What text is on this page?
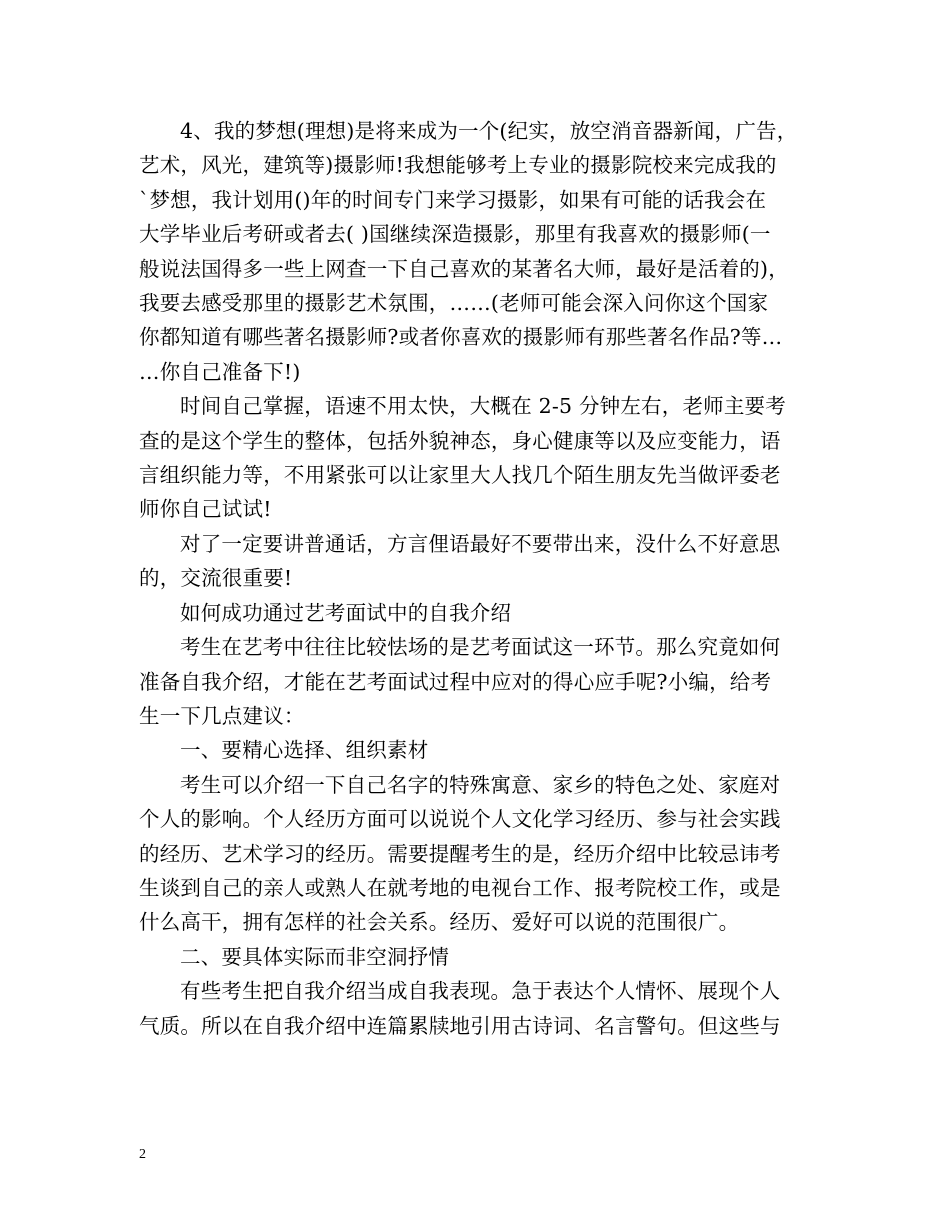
4、我的梦想(理想)是将来成为一个(纪实，放空消音器新闻，广告，
艺术，风光，建筑等)摄影师!我想能够考上专业的摄影院校来完成我的
`梦想，我计划用()年的时间专门来学习摄影，如果有可能的话我会在
大学毕业后考研或者去( )国继续深造摄影，那里有我喜欢的摄影师(一
般说法国得多一些上网查一下自己喜欢的某著名大师，最好是活着的)，
我要去感受那里的摄影艺术氛围，……(老师可能会深入问你这个国家
你都知道有哪些著名摄影师?或者你喜欢的摄影师有那些著名作品?等…
…你自己准备下!)

时间自己掌握，语速不用太快，大概在 2-5 分钟左右，老师主要考
查的是这个学生的整体，包括外貌神态，身心健康等以及应变能力，语
言组织能力等，不用紧张可以让家里大人找几个陌生朋友先当做评委老
师你自己试试!

对了一定要讲普通话，方言俚语最好不要带出来，没什么不好意思
的，交流很重要!

如何成功通过艺考面试中的自我介绍

考生在艺考中往往比较怯场的是艺考面试这一环节。那么究竟如何
准备自我介绍，才能在艺考面试过程中应对的得心应手呢?小编，给考
生一下几点建议：

一、要精心选择、组织素材

考生可以介绍一下自己名字的特殊寓意、家乡的特色之处、家庭对
个人的影响。个人经历方面可以说说个人文化学习经历、参与社会实践
的经历、艺术学习的经历。需要提醒考生的是，经历介绍中比较忌讳考
生谈到自己的亲人或熟人在就考地的电视台工作、报考院校工作，或是
什么高干，拥有怎样的社会关系。经历、爱好可以说的范围很广。

二、要具体实际而非空洞抒情

有些考生把自我介绍当成自我表现。急于表达个人情怀、展现个人
气质。所以在自我介绍中连篇累牍地引用古诗词、名言警句。但这些与

2
